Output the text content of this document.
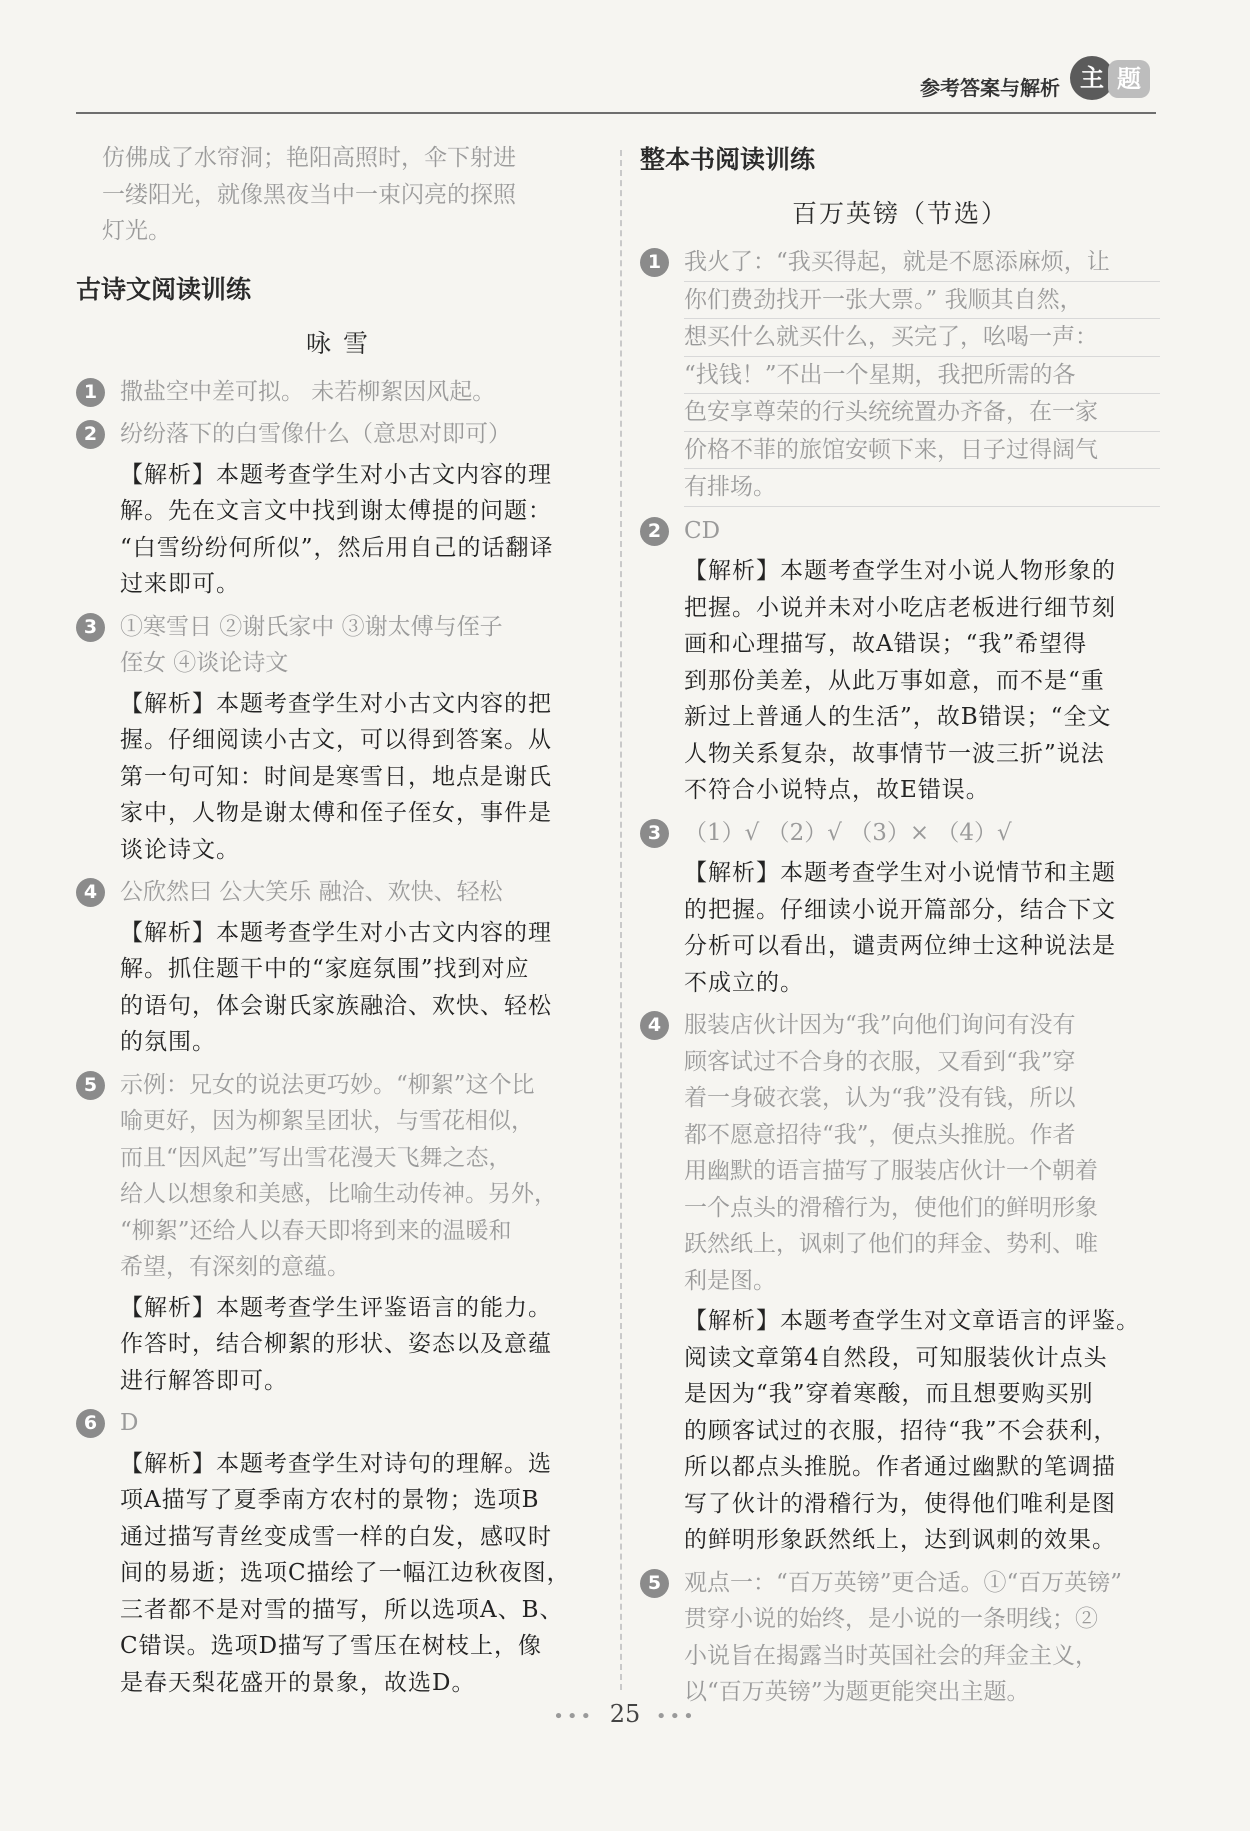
参考答案与解析 主 题
仿佛成了水帘洞；艳阳高照时，伞下射进
一缕阳光，就像黑夜当中一束闪亮的探照
灯光。
古诗文阅读训练
咏 雪
1 撒盐空中差可拟。 未若柳絮因风起。
2 纷纷落下的白雪像什么（意思对即可）
【解析】本题考查学生对小古文内容的理
解。先在文言文中找到谢太傅提的问题：
“白雪纷纷何所似”，然后用自己的话翻译
过来即可。
3 ①寒雪日 ②谢氏家中 ③谢太傅与侄子
侄女 ④谈论诗文
【解析】本题考查学生对小古文内容的把
握。仔细阅读小古文，可以得到答案。从
第一句可知：时间是寒雪日，地点是谢氏
家中，人物是谢太傅和侄子侄女，事件是
谈论诗文。
4 公欣然曰 公大笑乐 融洽、欢快、轻松
【解析】本题考查学生对小古文内容的理
解。抓住题干中的“家庭氛围”找到对应
的语句，体会谢氏家族融洽、欢快、轻松
的氛围。
5 示例：兄女的说法更巧妙。“柳絮”这个比
喻更好，因为柳絮呈团状，与雪花相似，
而且“因风起”写出雪花漫天飞舞之态，
给人以想象和美感，比喻生动传神。另外，
“柳絮”还给人以春天即将到来的温暖和
希望，有深刻的意蕴。
【解析】本题考查学生评鉴语言的能力。
作答时，结合柳絮的形状、姿态以及意蕴
进行解答即可。
6 D
【解析】本题考查学生对诗句的理解。选
项A描写了夏季南方农村的景物；选项B
通过描写青丝变成雪一样的白发，感叹时
间的易逝；选项C描绘了一幅江边秋夜图，
三者都不是对雪的描写，所以选项A、B、
C错误。选项D描写了雪压在树枝上，像
是春天梨花盛开的景象，故选D。
整本书阅读训练
百万英镑（节选）
1 我火了：“我买得起，就是不愿添麻烦，让
你们费劲找开一张大票。” 我顺其自然，
想买什么就买什么，买完了，吆喝一声：
“找钱！”不出一个星期，我把所需的各
色安享尊荣的行头统统置办齐备，在一家
价格不菲的旅馆安顿下来，日子过得阔气
有排场。
2 CD
【解析】本题考查学生对小说人物形象的
把握。小说并未对小吃店老板进行细节刻
画和心理描写，故A错误；“我”希望得
到那份美差，从此万事如意，而不是“重
新过上普通人的生活”，故B错误；“全文
人物关系复杂，故事情节一波三折”说法
不符合小说特点，故E错误。
3 （1）√ （2）√ （3）× （4）√
【解析】本题考查学生对小说情节和主题
的把握。仔细读小说开篇部分，结合下文
分析可以看出，谴责两位绅士这种说法是
不成立的。
4 服装店伙计因为“我”向他们询问有没有
顾客试过不合身的衣服，又看到“我”穿
着一身破衣裳，认为“我”没有钱，所以
都不愿意招待“我”，便点头推脱。作者
用幽默的语言描写了服装店伙计一个朝着
一个点头的滑稽行为，使他们的鲜明形象
跃然纸上，讽刺了他们的拜金、势利、唯
利是图。
【解析】本题考查学生对文章语言的评鉴。
阅读文章第4自然段，可知服装伙计点头
是因为“我”穿着寒酸，而且想要购买别
的顾客试过的衣服，招待“我”不会获利，
所以都点头推脱。作者通过幽默的笔调描
写了伙计的滑稽行为，使得他们唯利是图
的鲜明形象跃然纸上，达到讽刺的效果。
5 观点一：“百万英镑”更合适。①“百万英镑”
贯穿小说的始终，是小说的一条明线；②
小说旨在揭露当时英国社会的拜金主义，
以“百万英镑”为题更能突出主题。
••• 25 •••
